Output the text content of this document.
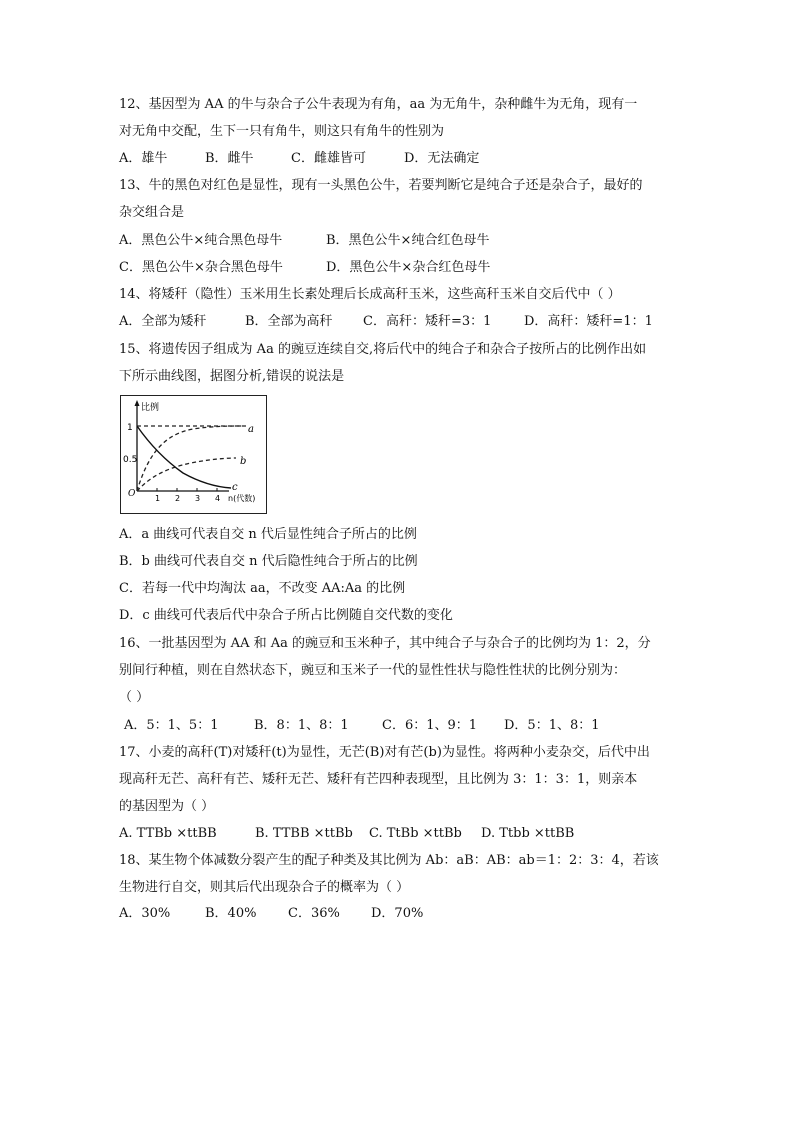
12、基因型为 AA 的牛与杂合子公牛表现为有角，aa 为无角牛，杂种雌牛为无角，现有一
对无角中交配，生下一只有角牛，则这只有角牛的性别为
A．雄牛	B．雌牛	C．雌雄皆可	D．无法确定
13、牛的黑色对红色是显性，现有一头黑色公牛，若要判断它是纯合子还是杂合子，最好的
杂交组合是
A．黑色公牛×纯合黑色母牛	B．黑色公牛×纯合红色母牛
C．黑色公牛×杂合黑色母牛	D．黑色公牛×杂合红色母牛
14、将矮秆（隐性）玉米用生长素处理后长成高秆玉米，这些高秆玉米自交后代中（ ）
A．全部为矮秆	B．全部为高秆 C．高秆：矮秆=3：1	D．高秆：矮秆=1：1
15、将遗传因子组成为 Aa 的豌豆连续自交,将后代中的纯合子和杂合子按所占的比例作出如
下所示曲线图，据图分析,错误的说法是
比例
1
0.5
O 1 2 3 4 n(代数)
a
b
c
A．a 曲线可代表自交 n 代后显性纯合子所占的比例
B．b 曲线可代表自交 n 代后隐性纯合于所占的比例
C．若每一代中均淘汰 aa，不改变 AA:Aa 的比例
D．c 曲线可代表后代中杂合子所占比例随自交代数的变化
16、一批基因型为 AA 和 Aa 的豌豆和玉米种子，其中纯合子与杂合子的比例均为 1：2，分
别间行种植，则在自然状态下，豌豆和玉米子一代的显性性状与隐性性状的比例分别为：
（ ）
A．5：1、5：1	B．8：1、8：1	C．6：1、9：1 D．5：1、8：1
17、小麦的高秆(T)对矮秆(t)为显性，无芒(B)对有芒(b)为显性。将两种小麦杂交，后代中出
现高秆无芒、高秆有芒、矮秆无芒、矮秆有芒四种表现型，且比例为 3：1：3：1，则亲本
的基因型为（ ）
A. TTBb ×ttBB	B. TTBB ×ttBb C. TtBb ×ttBb D. Ttbb ×ttBB
18、某生物个体减数分裂产生的配子种类及其比例为 Ab：aB：AB：ab＝1：2：3：4，若该
生物进行自交，则其后代出现杂合子的概率为（ ）
A．30%	B．40% C．36% D．70%
